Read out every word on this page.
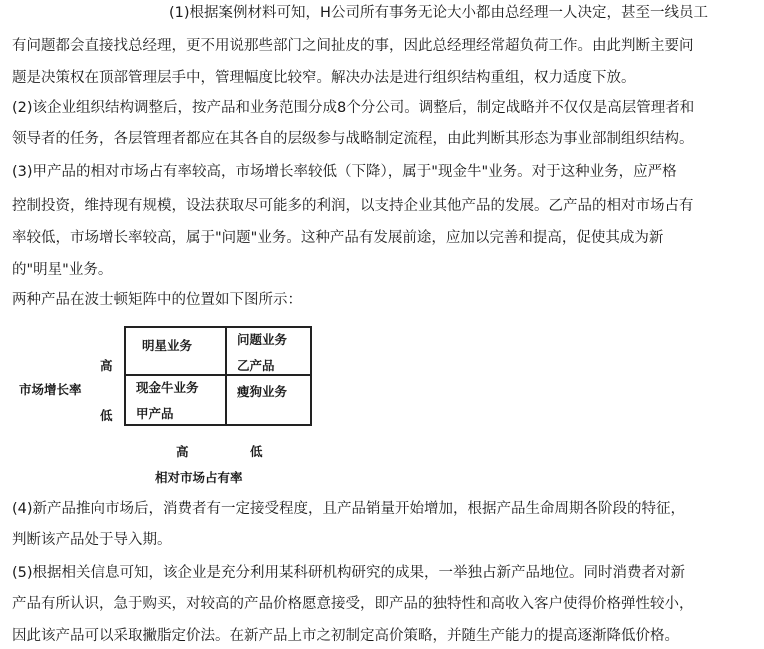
(1)根据案例材料可知，H公司所有事务无论大小都由总经理一人决定，甚至一线员工
有问题都会直接找总经理，更不用说那些部门之间扯皮的事，因此总经理经常超负荷工作。由此判断主要问
题是决策权在顶部管理层手中，管理幅度比较窄。解决办法是进行组织结构重组，权力适度下放。
(2)该企业组织结构调整后，按产品和业务范围分成8个分公司。调整后，制定战略并不仅仅是高层管理者和
领导者的任务，各层管理者都应在其各自的层级参与战略制定流程，由此判断其形态为事业部制组织结构。
(3)甲产品的相对市场占有率较高，市场增长率较低（下降），属于"现金牛"业务。对于这种业务，应严格
控制投资，维持现有规模，设法获取尽可能多的利润，以支持企业其他产品的发展。乙产品的相对市场占有
率较低，市场增长率较高，属于"问题"业务。这种产品有发展前途，应加以完善和提高，促使其成为新
的"明星"业务。
两种产品在波士顿矩阵中的位置如下图所示：
明星业务	问题业务
乙产品
现金牛业务
甲产品
瘦狗业务
高
市场增长率
低
高	低
相对市场占有率
(4)新产品推向市场后，消费者有一定接受程度，且产品销量开始增加，根据产品生命周期各阶段的特征，
判断该产品处于导入期。
(5)根据相关信息可知，该企业是充分利用某科研机构研究的成果，一举独占新产品地位。同时消费者对新
产品有所认识，急于购买，对较高的产品价格愿意接受，即产品的独特性和高收入客户使得价格弹性较小，
因此该产品可以采取撇脂定价法。在新产品上市之初制定高价策略，并随生产能力的提高逐渐降低价格。
